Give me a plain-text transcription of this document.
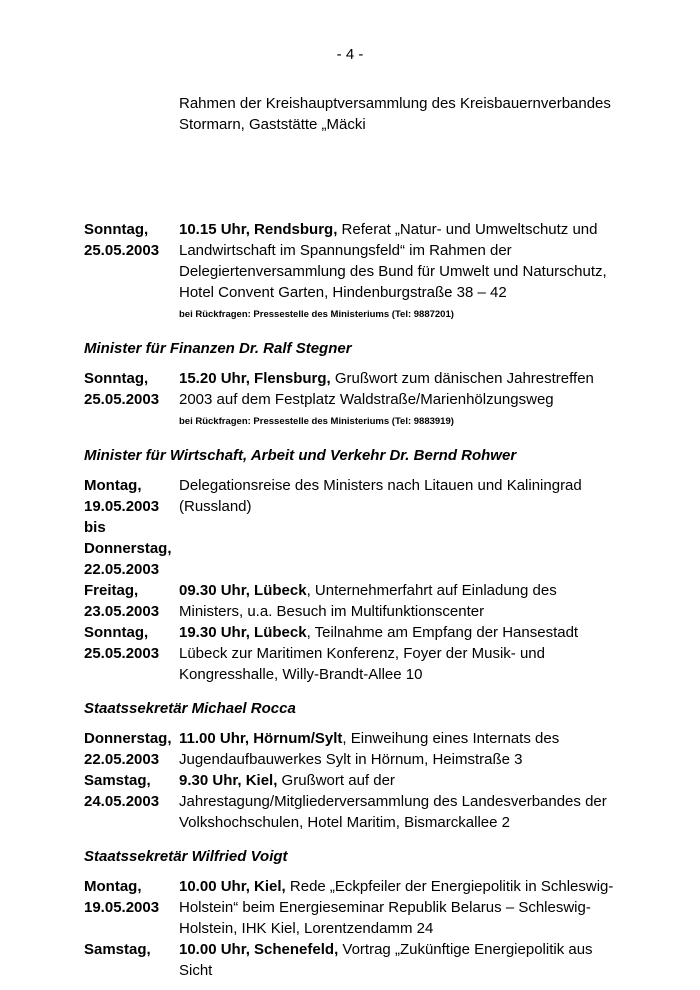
- 4 -
Rahmen der Kreishauptversammlung des Kreisbauernverbandes Stormarn, Gaststätte „Mäcki
Sonntag,
25.05.2003
10.15 Uhr, Rendsburg, Referat „Natur- und Umweltschutz und Landwirtschaft im Spannungsfeld“ im Rahmen der Delegiertenversammlung des Bund für Umwelt und Naturschutz, Hotel Convent Garten, Hindenburgstraße 38 – 42
bei Rückfragen: Pressestelle des Ministeriums (Tel: 9887201)
Minister für Finanzen Dr. Ralf Stegner
Sonntag,
25.05.2003
15.20 Uhr, Flensburg, Grußwort zum dänischen Jahrestreffen 2003 auf dem Festplatz Waldstraße/Marienhölzungsweg
bei Rückfragen: Pressestelle des Ministeriums (Tel: 9883919)
Minister für Wirtschaft, Arbeit und Verkehr Dr. Bernd Rohwer
Montag,
19.05.2003
bis
Donnerstag,
22.05.2003
Delegationsreise des Ministers nach Litauen und Kaliningrad (Russland)
Freitag,
23.05.2003
09.30 Uhr, Lübeck, Unternehmerfahrt auf Einladung des Ministers, u.a. Besuch im Multifunktionscenter
Sonntag,
25.05.2003
19.30 Uhr, Lübeck, Teilnahme am Empfang der Hansestadt Lübeck zur Maritimen Konferenz, Foyer der Musik- und Kongresshalle, Willy-Brandt-Allee 10
Staatssekretär Michael Rocca
Donnerstag,
22.05.2003
11.00 Uhr, Hörnum/Sylt, Einweihung eines Internats des Jugendaufbauwerkes Sylt in Hörnum, Heimstraße 3
Samstag,
24.05.2003
9.30 Uhr, Kiel, Grußwort auf der Jahrestagung/Mitgliederversammlung des Landesverbandes der Volkshochschulen, Hotel Maritim, Bismarckallee 2
Staatssekretär Wilfried Voigt
Montag,
19.05.2003
10.00 Uhr, Kiel, Rede „Eckpfeiler der Energiepolitik in Schleswig-Holstein“ beim Energieseminar Republik Belarus – Schleswig-Holstein, IHK Kiel, Lorentzendamm 24
Samstag,	10.00 Uhr, Schenefeld, Vortrag „Zukünftige Energiepolitik aus Sicht
